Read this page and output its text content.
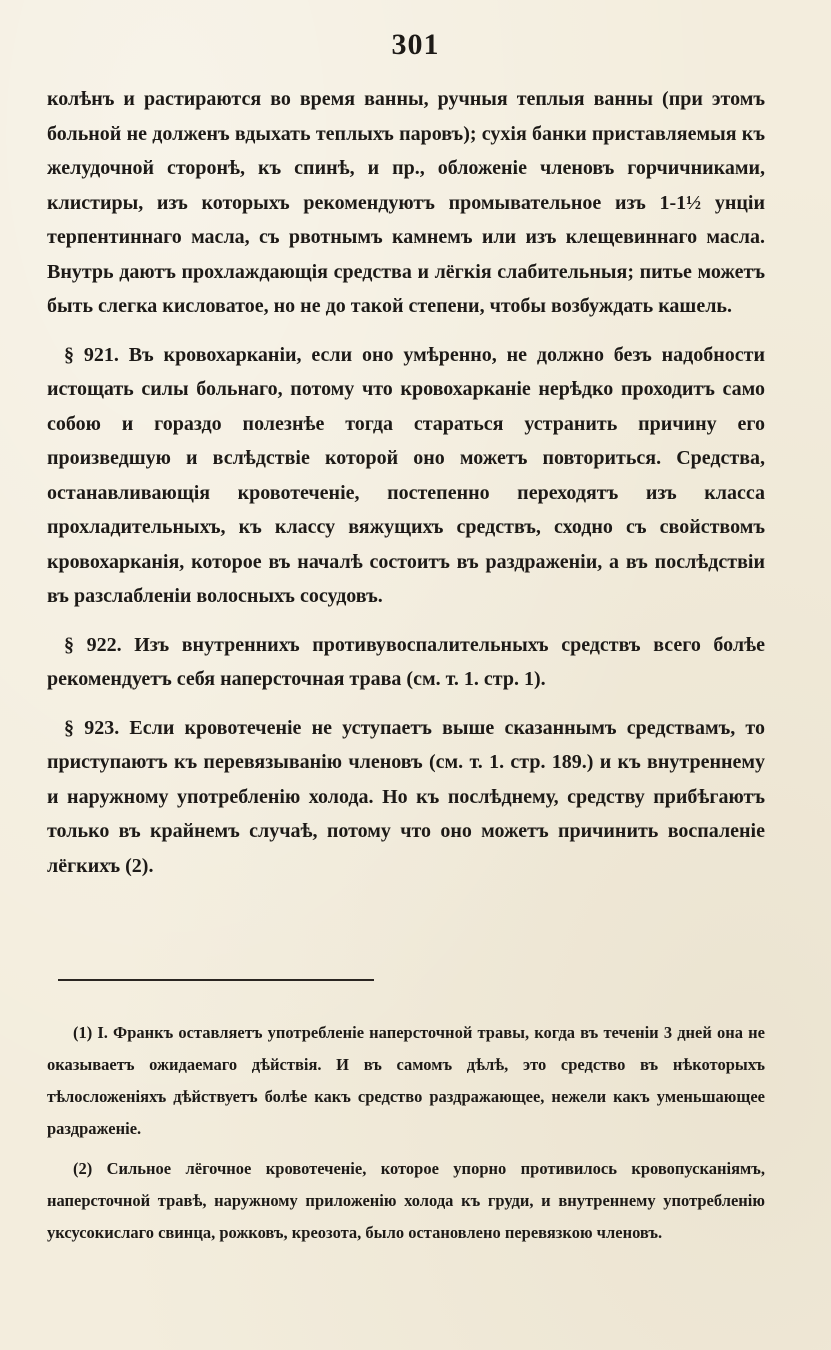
301

колѣнъ и растираются во время ванны, ручныя теплыя ванны (при этомъ больной не долженъ вдыхать теплыхъ паровъ); сухія банки приставляемыя къ желудочной сторонѣ, къ спинѣ, и пр., обложеніе членовъ горчичниками, клистиры, изъ которыхъ рекомендуютъ промывательное изъ 1-1½ унціи терпентиннаго масла, съ рвотнымъ камнемъ или изъ клещевиннаго масла. Внутрь даютъ прохлаждающія средства и лёгкія слабительныя; питье можетъ быть слегка кисловатое, но не до такой степени, чтобы возбуждать кашель.

§ 921. Въ кровохарканіи, если оно умѣренно, не должно безъ надобности истощать силы больнаго, потому что кровохарканіе нерѣдко проходитъ само собою и гораздо полезнѣе тогда стараться устранить причину его произведшую и вслѣдствіе которой оно можетъ повториться. Средства, останавливающія кровотеченіе, постепенно переходятъ изъ класса прохладительныхъ, къ классу вяжущихъ средствъ, сходно съ свойствомъ кровохарканія, которое въ началѣ состоитъ въ раздраженіи, а въ послѣдствіи въ разслабленіи волосныхъ сосудовъ.

§ 922. Изъ внутреннихъ противувоспалительныхъ средствъ всего болѣе рекомендуетъ себя наперсточная трава (см. т. 1. стр. 1).

§ 923. Если кровотеченіе не уступаетъ выше сказаннымъ средствамъ, то приступаютъ къ перевязыванію членовъ (см. т. 1. стр. 189.) и къ внутреннему и наружному употребленію холода. Но къ послѣднему, средству прибѣгаютъ только въ крайнемъ случаѣ, потому что оно можетъ причинить воспаленіе лёгкихъ (2).

(1) I. Франкъ оставляетъ употребленіе наперсточной травы, когда въ теченіи 3 дней она не оказываетъ ожидаемаго дѣйствія. И въ самомъ дѣлѣ, это средство въ нѣкоторыхъ тѣлосложеніяхъ дѣйствуетъ болѣе какъ средство раздражающее, нежели какъ уменьшающее раздраженіе.

(2) Сильное лёгочное кровотеченіе, которое упорно противилось кровопусканіямъ, наперсточной травѣ, наружному приложенію холода къ груди, и внутреннему употребленію уксусокислаго свинца, рожковъ, креозота, было остановлено перевязкою членовъ.
